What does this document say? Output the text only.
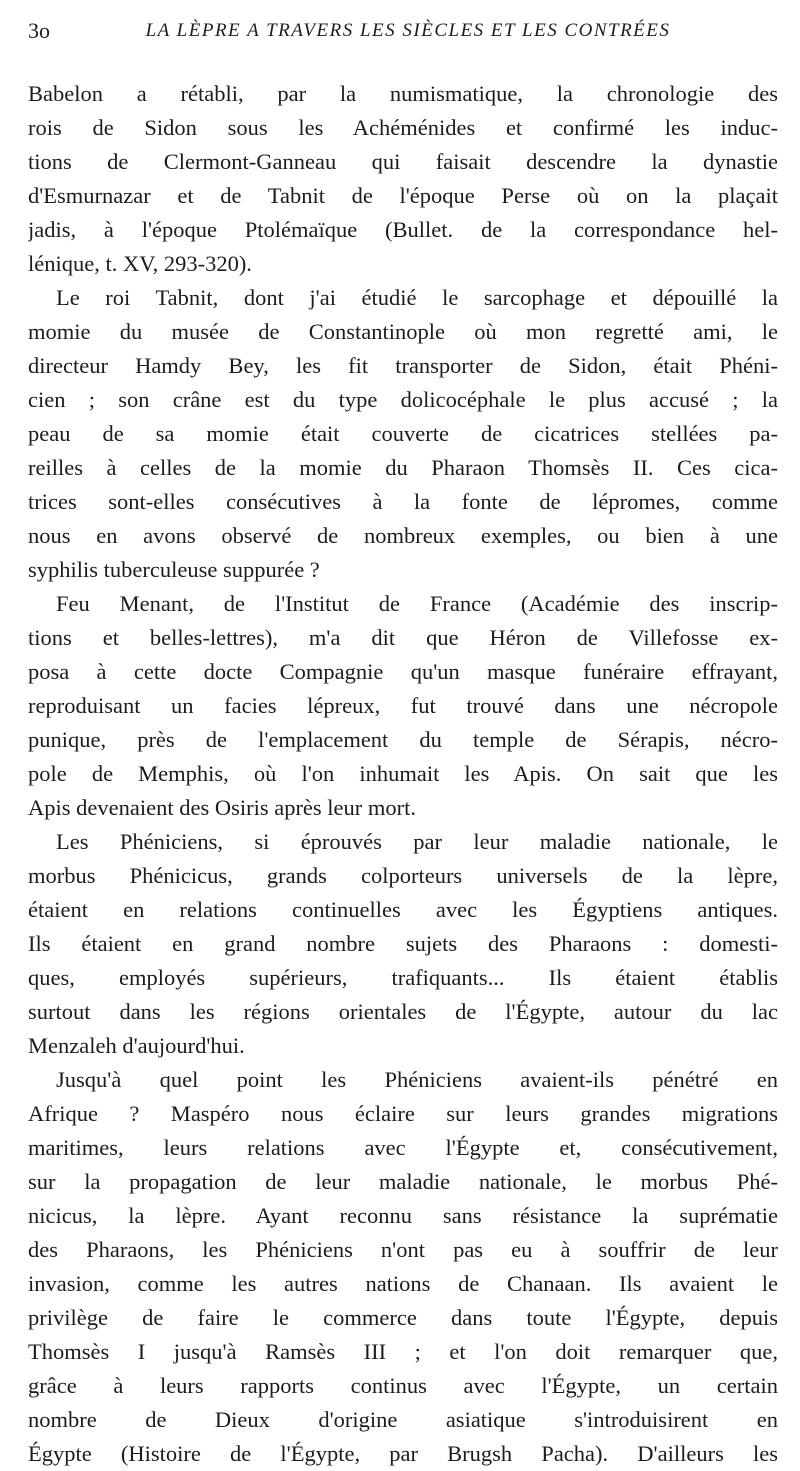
3o	LA LÈPRE A TRAVERS LES SIÈCLES ET LES CONTRÉES
Babelon a rétabli, par la numismatique, la chronologie des
rois de Sidon sous les Achéménides et confirmé les induc-
tions de Clermont-Ganneau qui faisait descendre la dynastie
d'Esmurnazar et de Tabnit de l'époque Perse où on la plaçait
jadis, à l'époque Ptolémaïque (Bullet. de la correspondance hel-
lénique, t. XV, 293-320).
Le roi Tabnit, dont j'ai étudié le sarcophage et dépouillé la
momie du musée de Constantinople où mon regretté ami, le
directeur Hamdy Bey, les fit transporter de Sidon, était Phéni-
cien ; son crâne est du type dolicocéphale le plus accusé ; la
peau de sa momie était couverte de cicatrices stellées pa-
reilles à celles de la momie du Pharaon Thomsès II. Ces cica-
trices sont-elles consécutives à la fonte de lépromes, comme
nous en avons observé de nombreux exemples, ou bien à une
syphilis tuberculeuse suppurée ?
Feu Menant, de l'Institut de France (Académie des inscrip-
tions et belles-lettres), m'a dit que Héron de Villefosse ex-
posa à cette docte Compagnie qu'un masque funéraire effrayant,
reproduisant un facies lépreux, fut trouvé dans une nécropole
punique, près de l'emplacement du temple de Sérapis, nécro-
pole de Memphis, où l'on inhumait les Apis. On sait que les
Apis devenaient des Osiris après leur mort.
Les Phéniciens, si éprouvés par leur maladie nationale, le
morbus Phénicicus, grands colporteurs universels de la lèpre,
étaient en relations continuelles avec les Égyptiens antiques.
Ils étaient en grand nombre sujets des Pharaons : domesti-
ques, employés supérieurs, trafiquants... Ils étaient établis
surtout dans les régions orientales de l'Égypte, autour du lac
Menzaleh d'aujourd'hui.
Jusqu'à quel point les Phéniciens avaient-ils pénétré en
Afrique ? Maspéro nous éclaire sur leurs grandes migrations
maritimes, leurs relations avec l'Égypte et, consécutivement,
sur la propagation de leur maladie nationale, le morbus Phé-
nicicus, la lèpre. Ayant reconnu sans résistance la suprématie
des Pharaons, les Phéniciens n'ont pas eu à souffrir de leur
invasion, comme les autres nations de Chanaan. Ils avaient le
privilège de faire le commerce dans toute l'Égypte, depuis
Thomsès I jusqu'à Ramsès III ; et l'on doit remarquer que,
grâce à leurs rapports continus avec l'Égypte, un certain
nombre de Dieux d'origine asiatique s'introduisirent en
Égypte (Histoire de l'Égypte, par Brugsh Pacha). D'ailleurs les
